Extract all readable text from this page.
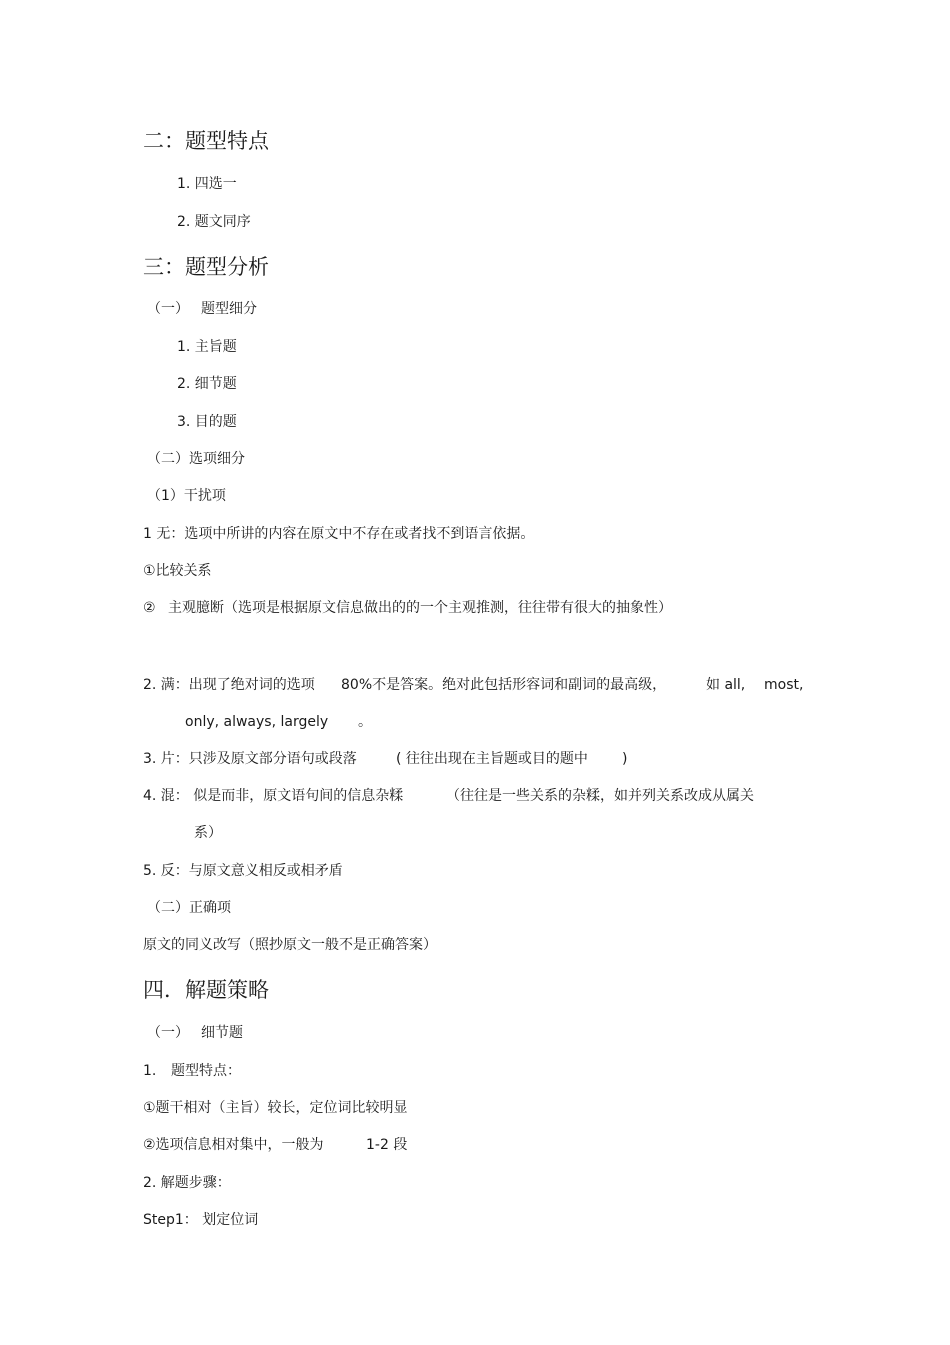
二：题型特点
1. 四选一
2. 题文同序
三：题型分析
（一） 题型细分
1. 主旨题
2. 细节题
3. 目的题
（二）选项细分
（1）干扰项
1 无：选项中所讲的内容在原文中不存在或者找不到语言依据。
①比较关系
② 主观臆断（选项是根据原文信息做出的的一个主观推测，往往带有很大的抽象性）
2. 满：出现了绝对词的选项 80%不是答案。绝对此包括形容词和副词的最高级，	如 all, most,
only, always, largely 。
3. 片：只涉及原文部分语句或段落	( 往往出现在主旨题或目的题中 )
4. 混： 似是而非，原文语句间的信息杂糅	（往往是一些关系的杂糅，如并列关系改成从属关
系）
5. 反：与原文意义相反或相矛盾
（二）正确项
原文的同义改写（照抄原文一般不是正确答案）
四．解题策略
（一） 细节题
1. 题型特点：
①题干相对（主旨）较长，定位词比较明显
②选项信息相对集中，一般为	1-2 段
2. 解题步骤：
Step1： 划定位词
